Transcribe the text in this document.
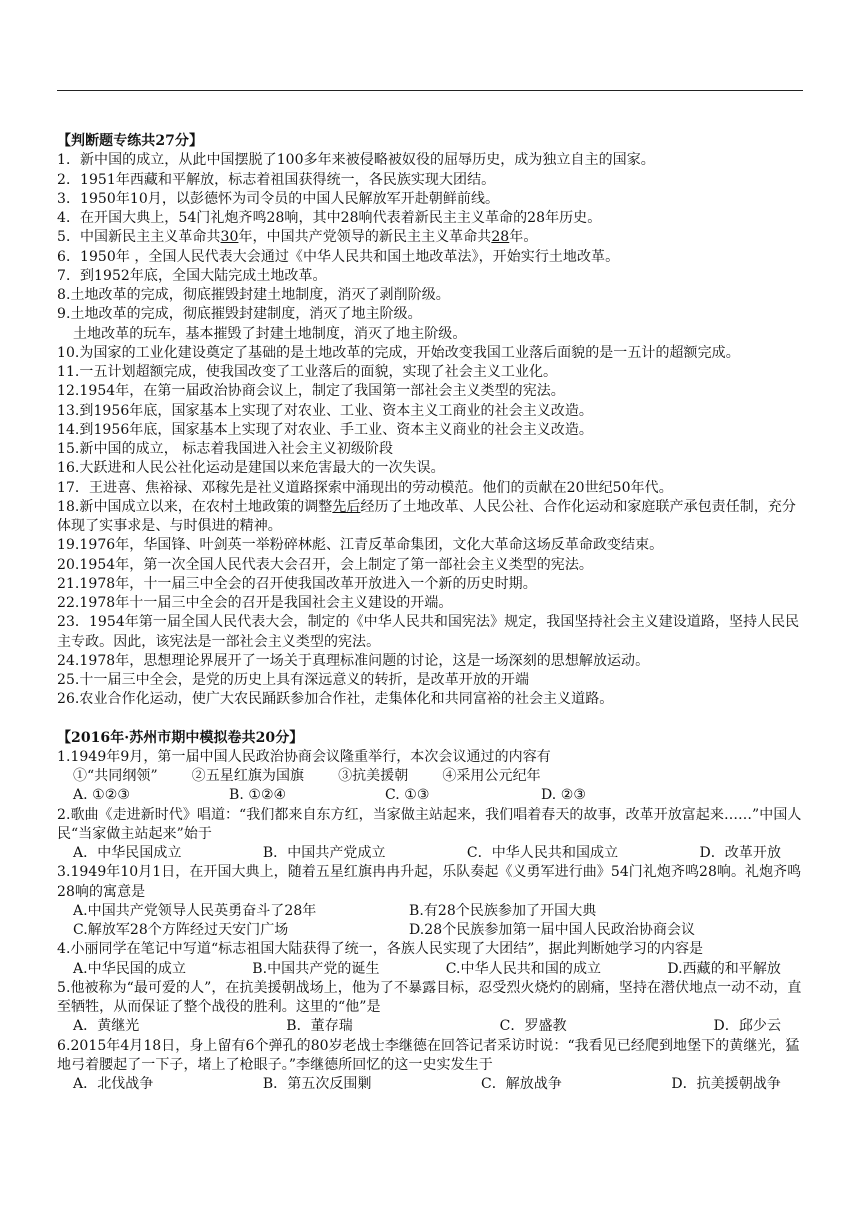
【判断题专练共27分】
1．新中国的成立，从此中国摆脱了100多年来被侵略被奴役的屈辱历史，成为独立自主的国家。
2．1951年西藏和平解放，标志着祖国获得统一，各民族实现大团结。
3．1950年10月，以彭德怀为司令员的中国人民解放军开赴朝鲜前线。
4．在开国大典上，54门礼炮齐鸣28响，其中28响代表着新民主主义革命的28年历史。
5．中国新民主主义革命共30年，中国共产党领导的新民主主义革命共28年。
6．1950年 ，全国人民代表大会通过《中华人民共和国土地改革法》，开始实行土地改革。
7．到1952年底，全国大陆完成土地改革。
8.土地改革的完成，彻底摧毁封建土地制度，消灭了剥削阶级。
9.土地改革的完成，彻底摧毁封建制度，消灭了地主阶级。
土地改革的玩车，基本摧毁了封建土地制度，消灭了地主阶级。
10.为国家的工业化建设奠定了基础的是土地改革的完成，开始改变我国工业落后面貌的是一五计的超额完成。
11.一五计划超额完成，使我国改变了工业落后的面貌，实现了社会主义工业化。
12.1954年，在第一届政治协商会议上，制定了我国第一部社会主义类型的宪法。
13.到1956年底，国家基本上实现了对农业、工业、资本主义工商业的社会主义改造。
14.到1956年底，国家基本上实现了对农业、手工业、资本主义商业的社会主义改造。
15.新中国的成立， 标志着我国进入社会主义初级阶段
16.大跃进和人民公社化运动是建国以来危害最大的一次失误。
17．王进喜、焦裕禄、邓稼先是社义道路探索中涌现出的劳动模范。他们的贡献在20世纪50年代。
18.新中国成立以来，在农村土地政策的调整先后经历了土地改革、人民公社、合作化运动和家庭联产承包责任制，充分体现了实事求是、与时俱进的精神。
19.1976年，华国锋、叶剑英一举粉碎林彪、江青反革命集团，文化大革命这场反革命政变结束。
20.1954年，第一次全国人民代表大会召开，会上制定了第一部社会主义类型的宪法。
21.1978年，十一届三中全会的召开使我国改革开放进入一个新的历史时期。
22.1978年十一届三中全会的召开是我国社会主义建设的开端。
23．1954年第一届全国人民代表大会，制定的《中华人民共和国宪法》规定，我国坚持社会主义建设道路，坚持人民民主专政。因此，该宪法是一部社会主义类型的宪法。
24.1978年，思想理论界展开了一场关于真理标准问题的讨论，这是一场深刻的思想解放运动。
25.十一届三中全会，是党的历史上具有深远意义的转折，是改革开放的开端
26.农业合作化运动，使广大农民踊跃参加合作社，走集体化和共同富裕的社会主义道路。
【2016年·苏州市期中模拟卷共20分】
1.1949年9月，第一届中国人民政治协商会议隆重举行，本次会议通过的内容有
①“共同纲领” ②五星红旗为国旗 ③抗美援朝 ④采用公元纪年
A. ①②③	B. ①②④	C. ①③	D. ②③
2.歌曲《走进新时代》唱道：“我们都来自东方红，当家做主站起来，我们唱着春天的故事，改革开放富起来……”中国人民“当家做主站起来”始于
A．中华民国成立	B．中国共产党成立	C．中华人民共和国成立	D．改革开放
3.1949年10月1日，在开国大典上，随着五星红旗冉冉升起，乐队奏起《义勇军进行曲》54门礼炮齐鸣28响。礼炮齐鸣28响的寓意是
A.中国共产党领导人民英勇奋斗了28年	B.有28个民族参加了开国大典
C.解放军28个方阵经过天安门广场	D.28个民族参加第一届中国人民政治协商会议
4.小丽同学在笔记中写道“标志祖国大陆获得了统一，各族人民实现了大团结”，据此判断她学习的内容是
A.中华民国的成立	B.中国共产党的诞生	C.中华人民共和国的成立	D.西藏的和平解放
5.他被称为“最可爱的人”，在抗美援朝战场上，他为了不暴露目标，忍受烈火烧灼的剧痛，坚持在潜伏地点一动不动，直至牺牲，从而保证了整个战役的胜利。这里的“他”是
A．黄继光	B．董存瑞	C．罗盛教	D．邱少云
6.2015年4月18日，身上留有6个弹孔的80岁老战士李继德在回答记者采访时说：“我看见已经爬到地堡下的黄继光，猛地弓着腰起了一下子，堵上了枪眼子。”李继德所回忆的这一史实发生于
A．北伐战争	B．第五次反围剿	C．解放战争	D．抗美援朝战争
